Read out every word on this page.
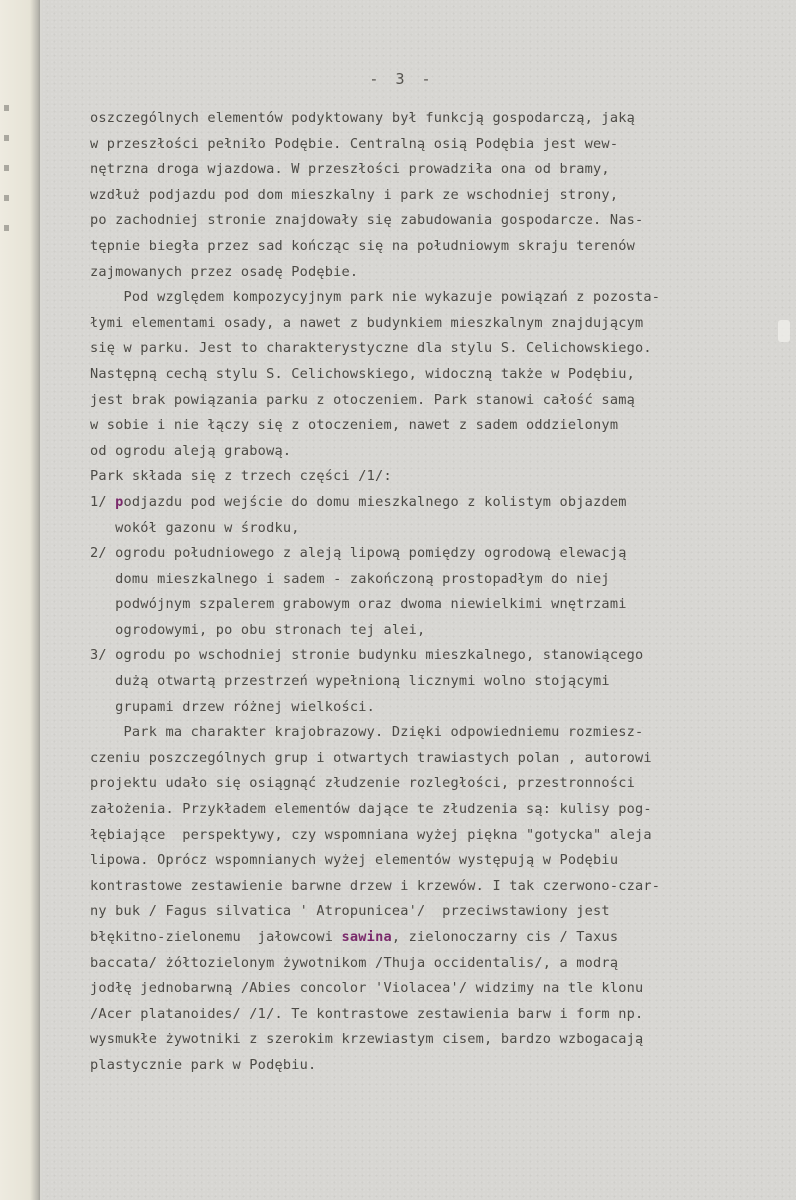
- 3 -
oszczególnych elementów podyktowany był funkcją gospodarczą, jaką
w przeszłości pełniło Podębie. Centralną osią Podębia jest wew-
nętrzna droga wjazdowa. W przeszłości prowadziła ona od bramy,
wzdłuż podjazdu pod dom mieszkalny i park ze wschodniej strony,
po zachodniej stronie znajdowały się zabudowania gospodarcze. Nas-
tępnie biegła przez sad kończąc się na południowym skraju terenów
zajmowanych przez osadę Podębie.
Pod względem kompozycyjnym park nie wykazuje powiązań z pozosta-
łymi elementami osady, a nawet z budynkiem mieszkalnym znajdującym
się w parku. Jest to charakterystyczne dla stylu S. Celichowskiego.
Następną cechą stylu S. Celichowskiego, widoczną także w Podębiu,
jest brak powiązania parku z otoczeniem. Park stanowi całość samą
w sobie i nie łączy się z otoczeniem, nawet z sadem oddzielonym
od ogrodu aleją grabową.
Park składa się z trzech części /1/:
1/ podjazdu pod wejście do domu mieszkalnego z kolistym objazdem
wokół gazonu w środku,
2/ ogrodu południowego z aleją lipową pomiędzy ogrodową elewacją
domu mieszkalnego i sadem - zakończoną prostopadłym do niej
podwójnym szpalerem grabowym oraz dwoma niewielkimi wnętrzami
ogrodowymi, po obu stronach tej alei,
3/ ogrodu po wschodniej stronie budynku mieszkalnego, stanowiącego
dużą otwartą przestrzeń wypełnioną licznymi wolno stojącymi
grupami drzew różnej wielkości.
Park ma charakter krajobrazowy. Dzięki odpowiedniemu rozmiesz-
czeniu poszczególnych grup i otwartych trawiastych polan , autorowi
projektu udało się osiągnąć złudzenie rozległości, przestronności
założenia. Przykładem elementów dające te złudzenia są: kulisy pog-
łębiające  perspektywy, czy wspomniana wyżej piękna "gotycka" aleja
lipowa. Oprócz wspomnianych wyżej elementów występują w Podębiu
kontrastowe zestawienie barwne drzew i krzewów. I tak czerwono-czar-
ny buk / Fagus silvatica ' Atropunicea'/  przeciwstawiony jest
błękitno-zielonemu  jałowcowi sawina, zielonoczarny cis / Taxus
baccata/ żółtozielonym żywotnikom /Thuja occidentalis/, a modrą
jodłę jednobarwną /Abies concolor 'Violacea'/ widzimy na tle klonu
/Acer platanoides/ /1/. Te kontrastowe zestawienia barw i form np.
wysmukłe żywotniki z szerokim krzewiastym cisem, bardzo wzbogacają
plastycznie park w Podębiu.
